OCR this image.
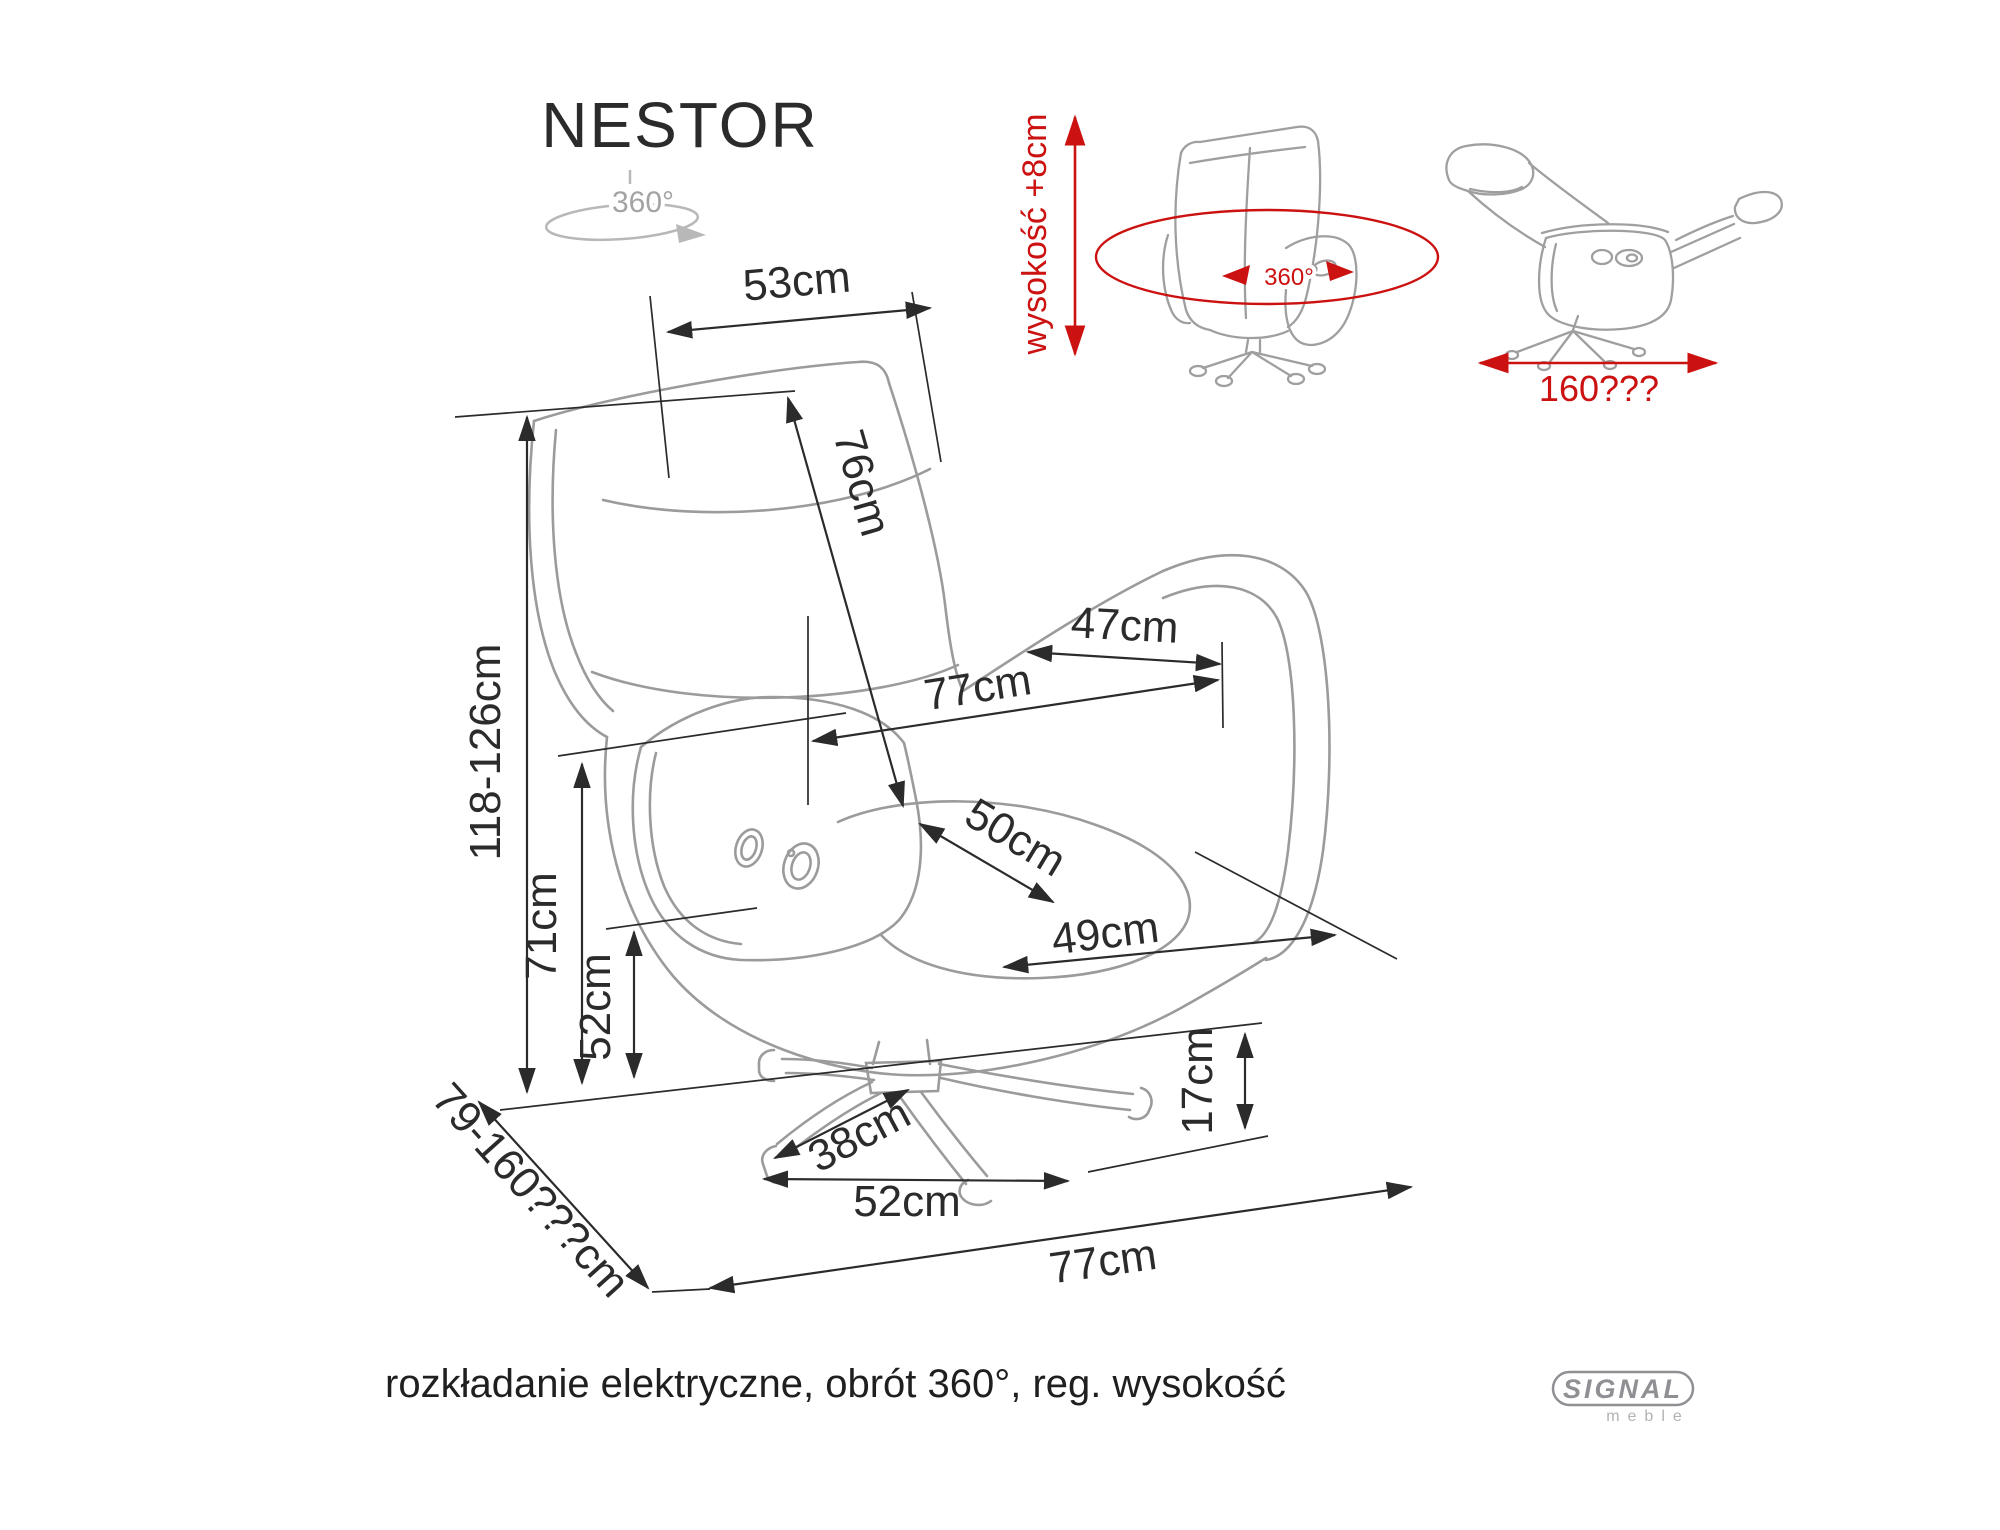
NESTOR
360°
360°
wysokość +8cm
160???
53cm
76cm
118-126cm
71cm
52cm
47cm
77cm
50cm
49cm
17cm
38cm
52cm
77cm
79-160???cm
rozkładanie elektryczne, obrót 360°, reg. wysokość	SIGNAL
meble
